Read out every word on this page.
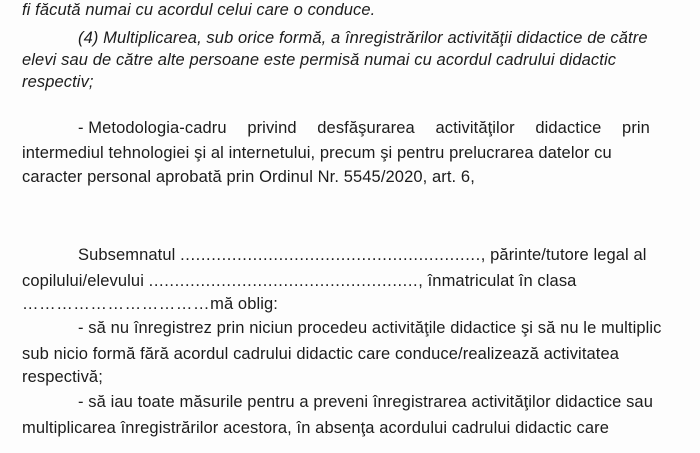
fi făcută numai cu acordul celui care o conduce.
(4) Multiplicarea, sub orice formă, a înregistrărilor activităţii didactice de către
elevi sau de către alte persoane este permisă numai cu acordul cadrului didactic
respectiv;
- Metodologia-cadru privind desfăşurarea activităţilor didactice prin
intermediul tehnologiei şi al internetului, precum şi pentru prelucrarea datelor cu
caracter personal aprobată prin Ordinul Nr. 5545/2020, art. 6,
Subsemnatul .........................................................., părinte/tutore legal al
copilului/elevului ...................................................., înmatriculat în clasa
……………………………mă oblig:
- să nu înregistrez prin niciun procedeu activităţile didactice şi să nu le multiplic
sub nicio formă fără acordul cadrului didactic care conduce/realizează activitatea
respectivă;
- să iau toate măsurile pentru a preveni înregistrarea activităţilor didactice sau
multiplicarea înregistrărilor acestora, în absenţa acordului cadrului didactic care
